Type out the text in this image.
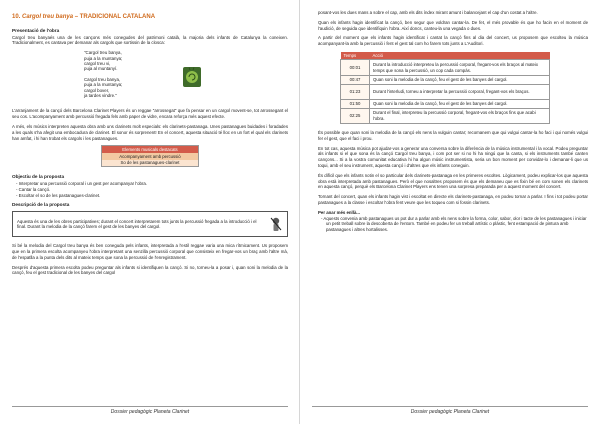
10. Cargol treu banya – TRADICIONAL CATALANA
Presentació de l'obra

Cargol treu banyaés una de les cançons més conegudes del patrimoni català, la majoria dels infants de Catalunya la coneixen. Tradicionalment, es cantava per demanar als cargols que sortissin de la closca:

"Cargol treu banya,
puja a la muntanya;
cargol treu vi,
puja al muntanyí.
Cargol treu banya,
puja a la muntanya;
cargol bover,
ja tardes vindre."

L'arranjament de la cançó dels Barcelona Clarinet Players és un reggae "arrossegat" que fa pensar en un cargol movent-se, tot arrossegant el seu cos. L'acompanyament amb percussió fregada fels amb paper de vidre, encara reforça més aquest efecte.

A més, els músics interpreten aquesta obra amb uns clarinets molt especials: els clarinets-pastanaga. Unes pastanagues buidades i foradades a les quals s'ha afegit una embocadura de clarinet. El sonor és sorprenent! En el concert, aquesta situació té lloc en un fort el qual els clarinets han amfat, i hi han trobat els cargols i les pastanagues.

Elements musicals destacats
Acompanyament amb percussió
So de les pastanagues-clarinet
Objectiu de la proposta
- Interpretar una percussió corporal i un gest per acompanyar l'obra.
- Cantar la cançó.
- Escoltar el so de les pastanagues-clarinet.
Descripció de la proposta
Aquesta és una de les obres participatives; durant el concert interpretarem tots junts la percussió fregada a la introducció i el final. Durant la melodia de la cançó farem el gest de les banyes del cargol.

Si bé la melodia del Cargol treu banya és ben coneguda pels infants, interpretada a l'estil reggae varia una mica rítmicament. Us proposem que en la primera escolta acompanyeu l'obra interpretant una senzilla percussió corporal que consisteix en fregar-vos un braç amb l'altre mà, de l'espatlla a la punta dels dits al mateix temps que sona la percussió de l'enregistrament.

Després d'aquesta primera escolta podeu preguntar als infants si identifiquen la cançó. Si no, torneu-la a posar i, quan soni la melodia de la cançó, feu el gest tradicional de les banyes del cargol

Dossier pedagògic Planeta Clarinet

posant-vos les dues mans a sobre el cap, amb els dits índex mirant amunt i balancejant el cap d'un costat a l'altre.

Quan els infants hagin identificat la cançó, ben segur que voldran cantar-la. De fet, el més provable és que ho facin en el moment de l'audició, de seguida que identifiquin l'obra. Així doncs, canteu-la una vegada o dues.

A partir del moment que els infants hagin identificat i cantat la cançó fins al dia del concert, us proposem que escolteu la música acompanyant-la amb la percussió i fent el gest tal com ho farem tots junts a L'Auditori.

Temps	Acció
00:01	Durant la introducció interpreteu la percussió corporal, fregant-vos els braços al mateix temps que sona la percussió, un cop cada compàs.
00:47	Quan soni la melodia de la cançó, feu el gest de les banyes del cargol.
01:23	Durant l'interludi, torneu a interpretar la percussió corporal, fregant-vos els braços.
01:50	Quan soni la melodia de la cançó, feu el gest de les banyes del cargol.
02:25	Durant el final, interpreteu la percussió corporal, fregant-vos els braços fins que acabi l'obra.

És possible que quan soni la melodia de la cançó els nens la vulguin cantar; recomanem que qui vulgui cantar-la ho faci i qui només vulgui fer el gest, que el faci i prou.

En tot cas, aquesta música pot ajudar-vos a generar una conversa sobre la diferència de la música instrumental i la vocal. Podeu preguntar als infants si el que sona és la cançó Cargol treu banya, i com pot ser si no hi ha ningú que la canta, si els instruments també canten cançons... Si a la vostra comunitat educativa hi ha algun músic instrumentista, seria un bon moment per convidar-lo i demanar-li que us toqui, amb el seu instrument, aquesta cançó i d'altres que els infants coneguin.

És difícil que els infants notin el so particular dels clarinets-pastanaga en les primeres escoltes. Lògicament, podeu explicar-los que aquesta obra està interpretada amb pastanagues. Però el que nosaltres proposem és que els demaneu que es fixin bé en com sonen els clarinets en aquesta cançó, perquè els Barcelona Clarinet Players ens tenen una sorpresa preparada per a aquest moment del concert.

Tornant del concert, quan els infants hagin vist i escoltat en directe els clarinets-pastanaga, en podeu tornar a parlar. I fins i tot podeu portar pastanagues a la classe i escoltar l'obra fent veure que les toqueu com si fossin clarinets.

Per anar més enllà...
- Aquests convenia amb pastanagues us pot dur a parlar amb els nens sobre la forma, color, sabor, olor i tacte de les pastanagues i iniciar un petit treball sobre la descoberta de l'entorn. També en podeu fer un treball artístic o plàstic, fent estampació de pintura amb pastanagues i altres hortalisses.
Dossier pedagògic Planeta Clarinet
